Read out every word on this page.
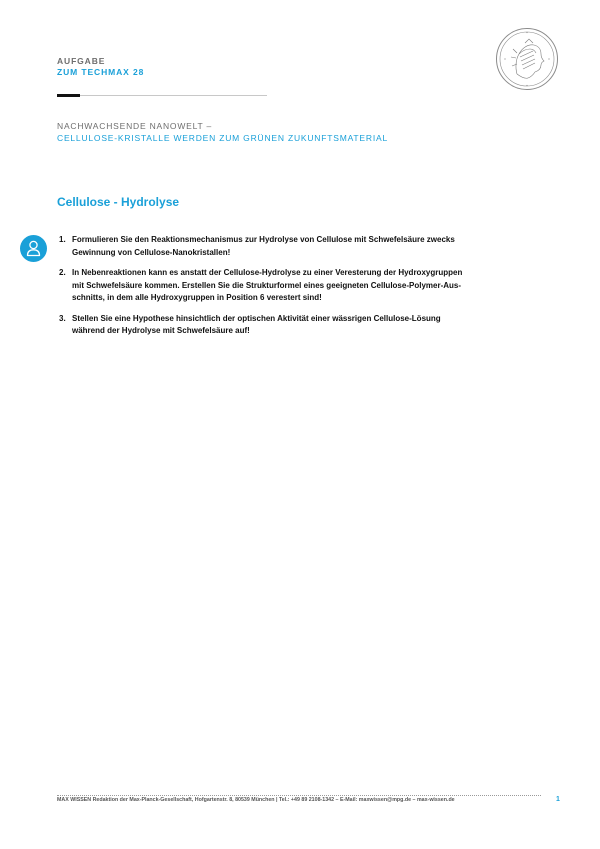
AUFGABE
ZUM TECHMAX 28
NACHWACHSENDE NANOWELT –
CELLULOSE-KRISTALLE WERDEN ZUM GRÜNEN ZUKUNFTSMATERIAL
Cellulose - Hydrolyse
1. Formulieren Sie den Reaktionsmechanismus zur Hydrolyse von Cellulose mit Schwefelsäure zwecks
Gewinnung von Cellulose-Nanokristallen!
2. In Nebenreaktionen kann es anstatt der Cellulose-Hydrolyse zu einer Veresterung der Hydroxygruppen
mit Schwefelsäure kommen. Erstellen Sie die Strukturformel eines geeigneten Cellulose-Polymer-Aus-
schnitts, in dem alle Hydroxygruppen in Position 6 verestert sind!
3. Stellen Sie eine Hypothese hinsichtlich der optischen Aktivität einer wässrigen Cellulose-Lösung
während der Hydrolyse mit Schwefelsäure auf!
MAX WISSEN Redaktion der Max-Planck-Gesellschaft, Hofgartenstr. 8, 80539 München | Tel.: +49 89 2108-1342 – E-Mail: maxwissen@mpg.de – max-wissen.de	1
